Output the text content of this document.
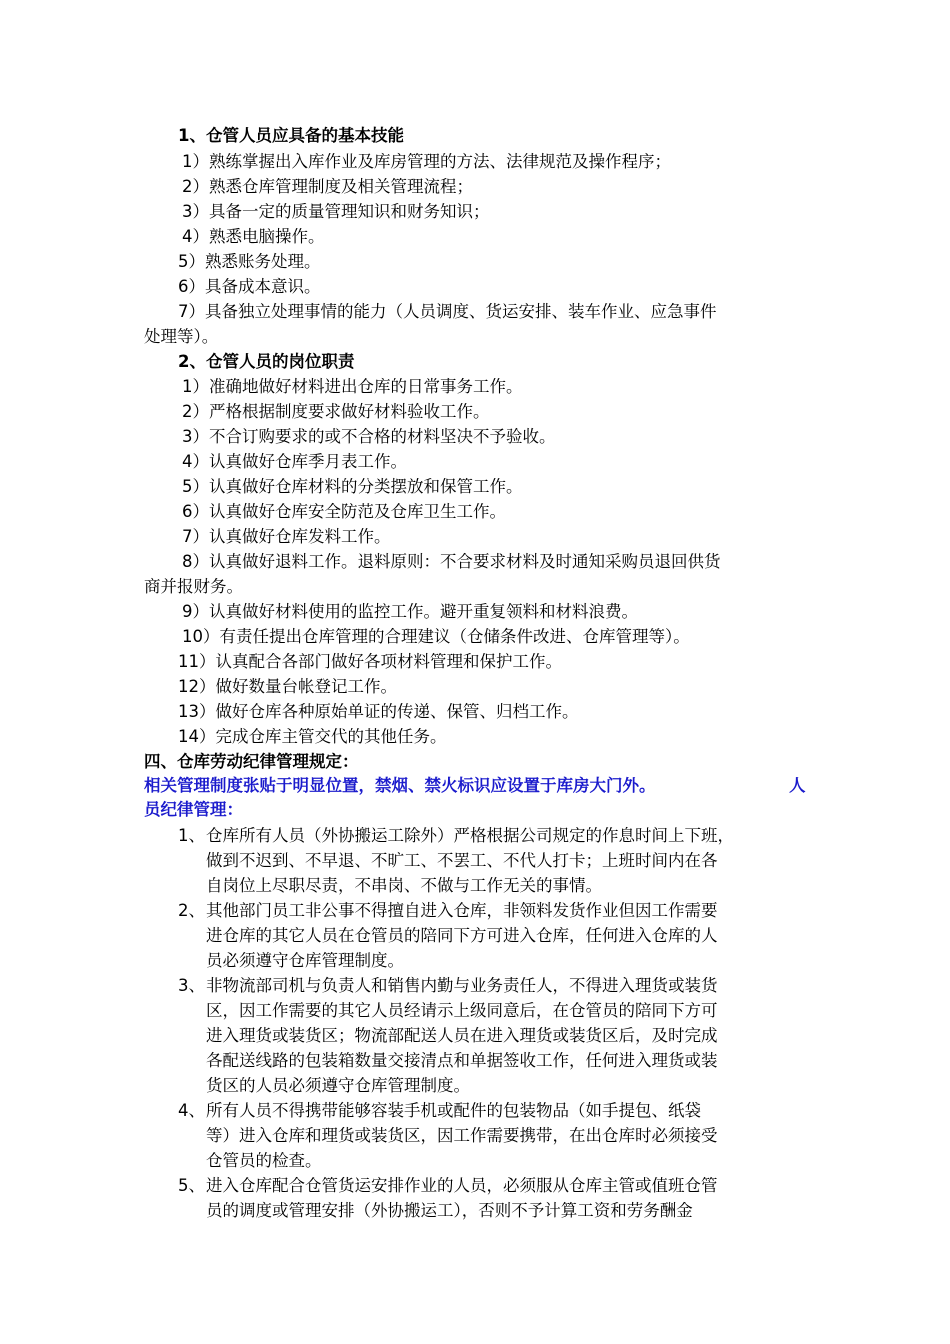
1、仓管人员应具备的基本技能
1）熟练掌握出入库作业及库房管理的方法、法律规范及操作程序；
2）熟悉仓库管理制度及相关管理流程；
3）具备一定的质量管理知识和财务知识；
4）熟悉电脑操作。
5）熟悉账务处理。
6）具备成本意识。
7）具备独立处理事情的能力（人员调度、货运安排、装车作业、应急事件
处理等）。
2、仓管人员的岗位职责
1）准确地做好材料进出仓库的日常事务工作。
2）严格根据制度要求做好材料验收工作。
3）不合订购要求的或不合格的材料坚决不予验收。
4）认真做好仓库季月表工作。
5）认真做好仓库材料的分类摆放和保管工作。
6）认真做好仓库安全防范及仓库卫生工作。
7）认真做好仓库发料工作。
8）认真做好退料工作。退料原则：不合要求材料及时通知采购员退回供货
商并报财务。
9）认真做好材料使用的监控工作。避开重复领料和材料浪费。
10）有责任提出仓库管理的合理建议（仓储条件改进、仓库管理等）。
11）认真配合各部门做好各项材料管理和保护工作。
12）做好数量台帐登记工作。
13）做好仓库各种原始单证的传递、保管、归档工作。
14）完成仓库主管交代的其他任务。
四、仓库劳动纪律管理规定：
相关管理制度张贴于明显位置，禁烟、禁火标识应设置于库房大门外。	人
员纪律管理：
1、 仓库所有人员（外协搬运工除外）严格根据公司规定的作息时间上下班，
做到不迟到、不早退、不旷工、不罢工、不代人打卡；上班时间内在各
自岗位上尽职尽责，不串岗、不做与工作无关的事情。
2、 其他部门员工非公事不得擅自进入仓库，非领料发货作业但因工作需要
进仓库的其它人员在仓管员的陪同下方可进入仓库，任何进入仓库的人
员必须遵守仓库管理制度。
3、 非物流部司机与负责人和销售内勤与业务责任人，不得进入理货或装货
区，因工作需要的其它人员经请示上级同意后，在仓管员的陪同下方可
进入理货或装货区；物流部配送人员在进入理货或装货区后，及时完成
各配送线路的包装箱数量交接清点和单据签收工作，任何进入理货或装
货区的人员必须遵守仓库管理制度。
4、 所有人员不得携带能够容装手机或配件的包装物品（如手提包、纸袋
等）进入仓库和理货或装货区，因工作需要携带，在出仓库时必须接受
仓管员的检查。
5、 进入仓库配合仓管货运安排作业的人员，必须服从仓库主管或值班仓管
员的调度或管理安排（外协搬运工），否则不予计算工资和劳务酬金
